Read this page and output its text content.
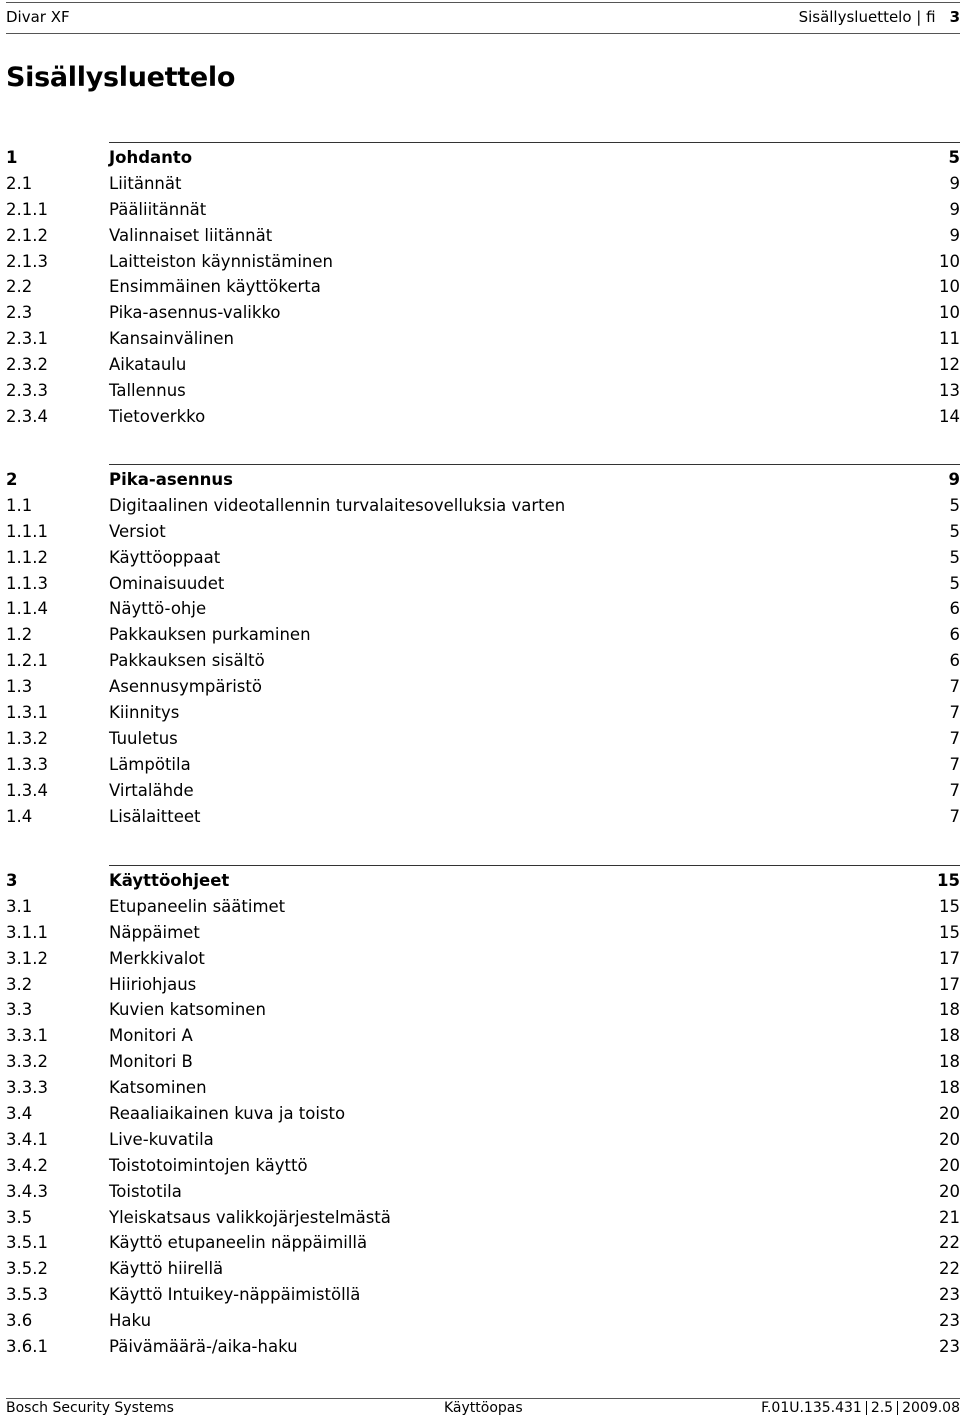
Divar XF	Sisällysluettelo | fi 3
Sisällysluettelo
1	Johdanto	5
2.1	Liitännät	9
2.1.1	Pääliitännät	9
2.1.2	Valinnaiset liitännät	9
2.1.3	Laitteiston käynnistäminen	10
2.2	Ensimmäinen käyttökerta	10
2.3	Pika-asennus-valikko	10
2.3.1	Kansainvälinen	11
2.3.2	Aikataulu	12
2.3.3	Tallennus	13
2.3.4	Tietoverkko	14
2	Pika-asennus	9
1.1	Digitaalinen videotallennin turvalaitesovelluksia varten	5
1.1.1	Versiot	5
1.1.2	Käyttöoppaat	5
1.1.3	Ominaisuudet	5
1.1.4	Näyttö-ohje	6
1.2	Pakkauksen purkaminen	6
1.2.1	Pakkauksen sisältö	6
1.3	Asennusympäristö	7
1.3.1	Kiinnitys	7
1.3.2	Tuuletus	7
1.3.3	Lämpötila	7
1.3.4	Virtalähde	7
1.4	Lisälaitteet	7
3	Käyttöohjeet	15
3.1	Etupaneelin säätimet	15
3.1.1	Näppäimet	15
3.1.2	Merkkivalot	17
3.2	Hiiriohjaus	17
3.3	Kuvien katsominen	18
3.3.1	Monitori A	18
3.3.2	Monitori B	18
3.3.3	Katsominen	18
3.4	Reaaliaikainen kuva ja toisto	20
3.4.1	Live-kuvatila	20
3.4.2	Toistotoimintojen käyttö	20
3.4.3	Toistotila	20
3.5	Yleiskatsaus valikkojärjestelmästä	21
3.5.1	Käyttö etupaneelin näppäimillä	22
3.5.2	Käyttö hiirellä	22
3.5.3	Käyttö Intuikey-näppäimistöllä	23
3.6	Haku	23
3.6.1	Päivämäärä-/aika-haku	23
Bosch Security Systems	Käyttöopas	F.01U.135.431 2.5 2009.08
